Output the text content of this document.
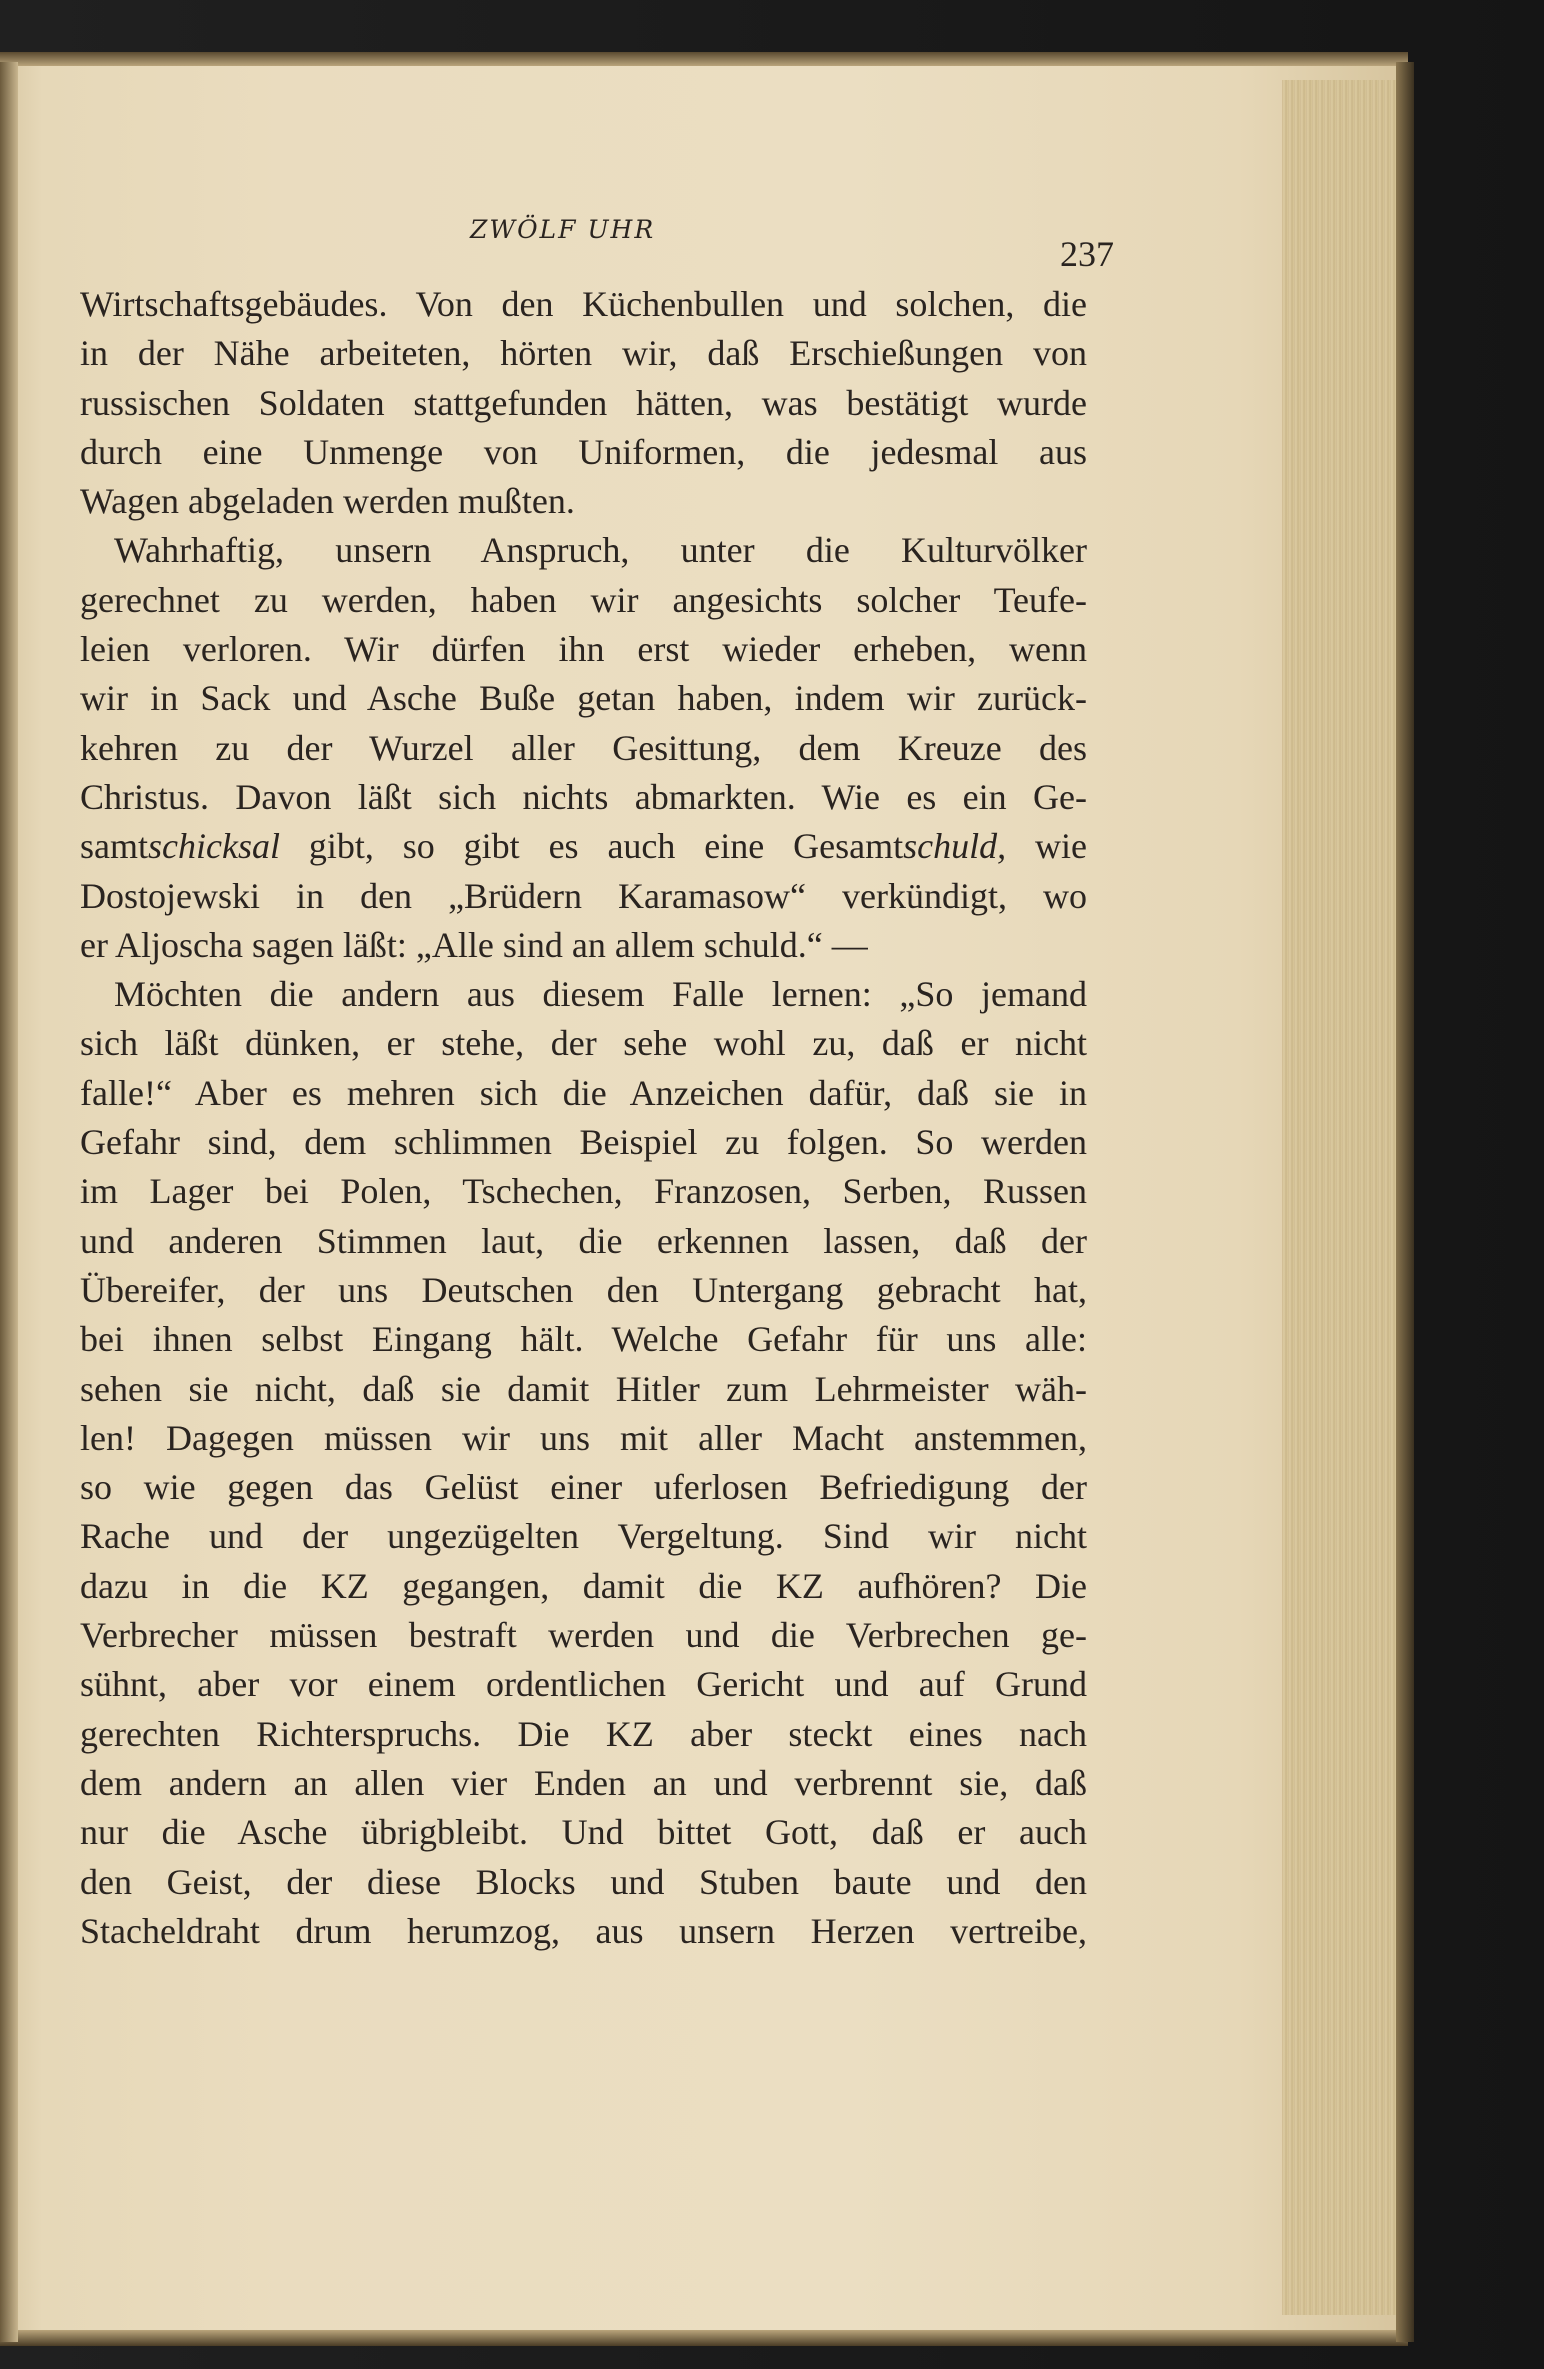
ZWÖLF UHR
237
Wirtschaftsgebäudes. Von den Küchenbullen und solchen, die
in der Nähe arbeiteten, hörten wir, daß Erschießungen von
russischen Soldaten stattgefunden hätten, was bestätigt wurde
durch eine Unmenge von Uniformen, die jedesmal aus
Wagen abgeladen werden mußten.
Wahrhaftig, unsern Anspruch, unter die Kulturvölker
gerechnet zu werden, haben wir angesichts solcher Teufe-
leien verloren. Wir dürfen ihn erst wieder erheben, wenn
wir in Sack und Asche Buße getan haben, indem wir zurück-
kehren zu der Wurzel aller Gesittung, dem Kreuze des
Christus. Davon läßt sich nichts abmarkten. Wie es ein Ge-
samtschicksal gibt, so gibt es auch eine Gesamtschuld, wie
Dostojewski in den „Brüdern Karamasow“ verkündigt, wo
er Aljoscha sagen läßt: „Alle sind an allem schuld.“ —
Möchten die andern aus diesem Falle lernen: „So jemand
sich läßt dünken, er stehe, der sehe wohl zu, daß er nicht
falle!“ Aber es mehren sich die Anzeichen dafür, daß sie in
Gefahr sind, dem schlimmen Beispiel zu folgen. So werden
im Lager bei Polen, Tschechen, Franzosen, Serben, Russen
und anderen Stimmen laut, die erkennen lassen, daß der
Übereifer, der uns Deutschen den Untergang gebracht hat,
bei ihnen selbst Eingang hält. Welche Gefahr für uns alle:
sehen sie nicht, daß sie damit Hitler zum Lehrmeister wäh-
len! Dagegen müssen wir uns mit aller Macht anstemmen,
so wie gegen das Gelüst einer uferlosen Befriedigung der
Rache und der ungezügelten Vergeltung. Sind wir nicht
dazu in die KZ gegangen, damit die KZ aufhören? Die
Verbrecher müssen bestraft werden und die Verbrechen ge-
sühnt, aber vor einem ordentlichen Gericht und auf Grund
gerechten Richterspruchs. Die KZ aber steckt eines nach
dem andern an allen vier Enden an und verbrennt sie, daß
nur die Asche übrigbleibt. Und bittet Gott, daß er auch
den Geist, der diese Blocks und Stuben baute und den
Stacheldraht drum herumzog, aus unsern Herzen vertreibe,
